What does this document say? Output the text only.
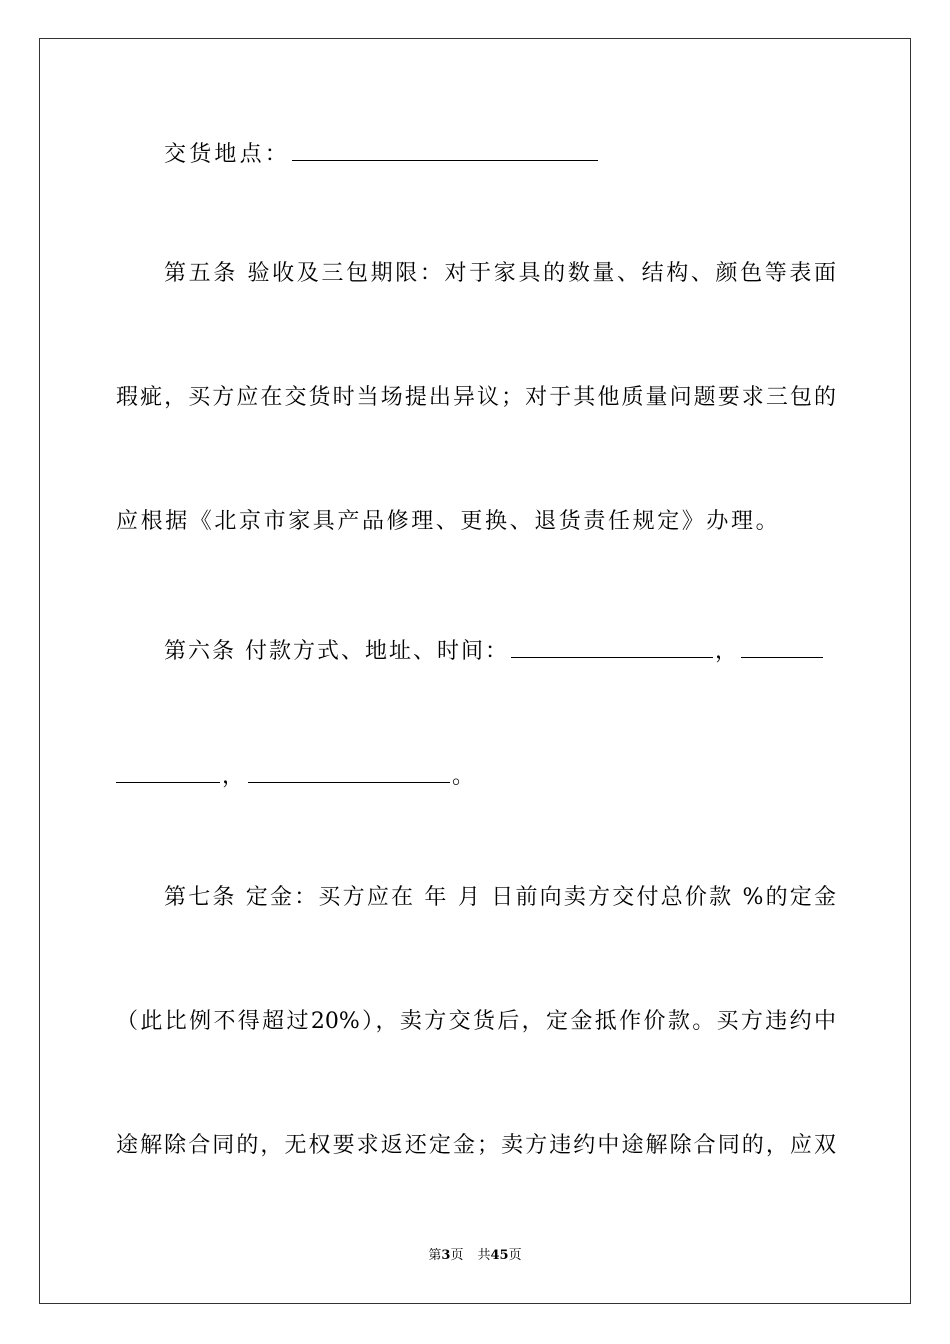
交货地点：
第五条 验收及三包期限：对于家具的数量、结构、颜色等表面
瑕疵，买方应在交货时当场提出异议；对于其他质量问题要求三包的
应根据《北京市家具产品修理、更换、退货责任规定》办理。
第六条 付款方式、地址、时间：	，
，	。
第七条 定金：买方应在 年 月 日前向卖方交付总价款 %的定金
（此比例不得超过20%），卖方交货后，定金抵作价款。买方违约中
途解除合同的，无权要求返还定金；卖方违约中途解除合同的，应双
第3页 共45页
